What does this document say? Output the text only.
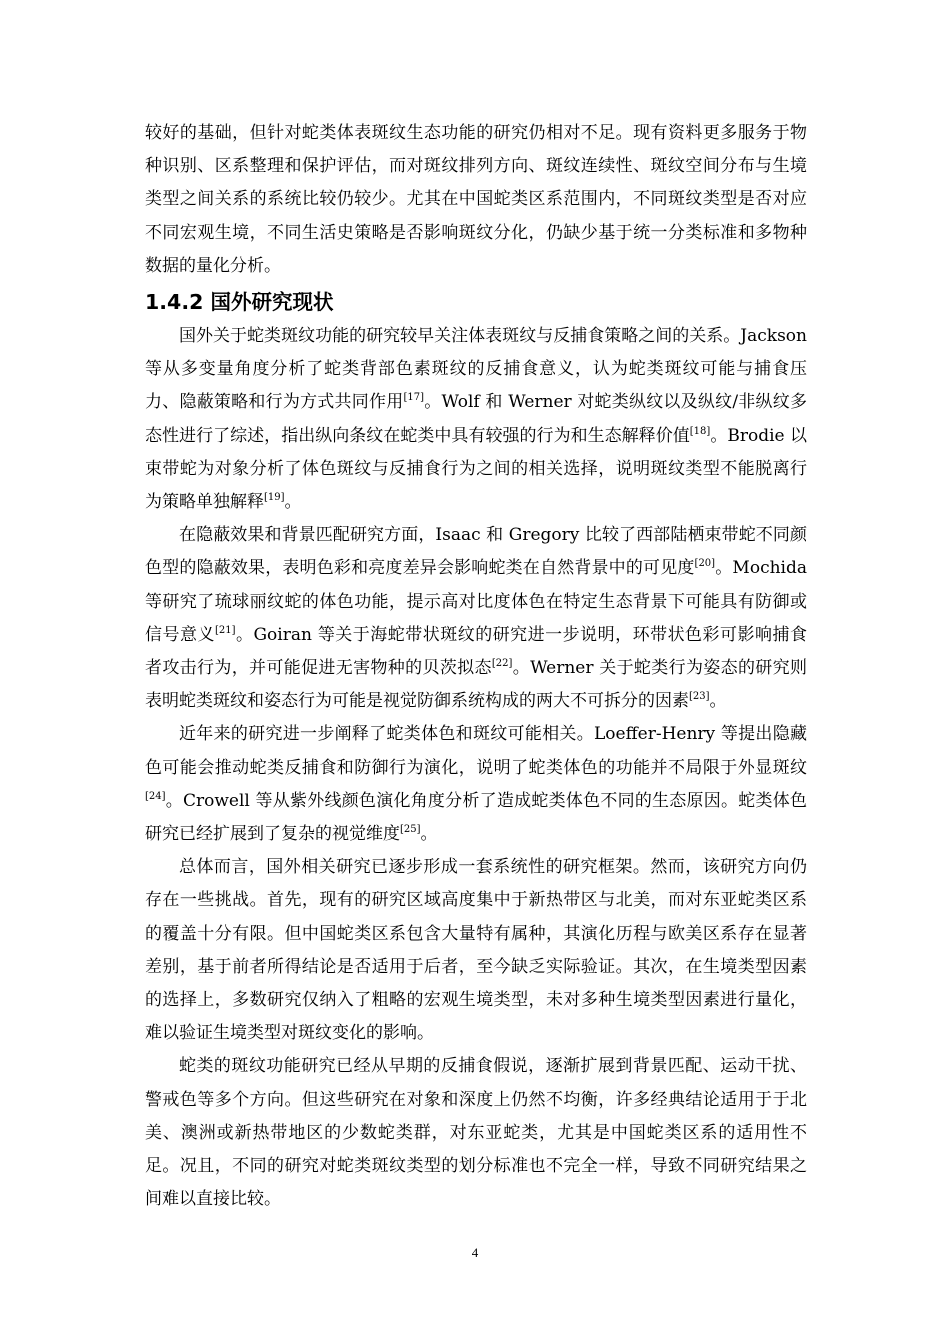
较好的基础，但针对蛇类体表斑纹生态功能的研究仍相对不足。现有资料更多服务于物种识别、区系整理和保护评估，而对斑纹排列方向、斑纹连续性、斑纹空间分布与生境类型之间关系的系统比较仍较少。尤其在中国蛇类区系范围内，不同斑纹类型是否对应不同宏观生境，不同生活史策略是否影响斑纹分化，仍缺少基于统一分类标准和多物种数据的量化分析。

1.4.2 国外研究现状

国外关于蛇类斑纹功能的研究较早关注体表斑纹与反捕食策略之间的关系。Jackson 等从多变量角度分析了蛇类背部色素斑纹的反捕食意义，认为蛇类斑纹可能与捕食压力、隐蔽策略和行为方式共同作用[17]。Wolf 和 Werner 对蛇类纵纹以及纵纹/非纵纹多态性进行了综述，指出纵向条纹在蛇类中具有较强的行为和生态解释价值[18]。Brodie 以束带蛇为对象分析了体色斑纹与反捕食行为之间的相关选择，说明斑纹类型不能脱离行为策略单独解释[19]。

在隐蔽效果和背景匹配研究方面，Isaac 和 Gregory 比较了西部陆栖束带蛇不同颜色型的隐蔽效果，表明色彩和亮度差异会影响蛇类在自然背景中的可见度[20]。Mochida 等研究了琉球丽纹蛇的体色功能，提示高对比度体色在特定生态背景下可能具有防御或信号意义[21]。Goiran 等关于海蛇带状斑纹的研究进一步说明，环带状色彩可影响捕食者攻击行为，并可能促进无害物种的贝茨拟态[22]。Werner 关于蛇类行为姿态的研究则表明蛇类斑纹和姿态行为可能是视觉防御系统构成的两大不可拆分的因素[23]。

近年来的研究进一步阐释了蛇类体色和斑纹可能相关。Loeffer-Henry 等提出隐藏色可能会推动蛇类反捕食和防御行为演化，说明了蛇类体色的功能并不局限于外显斑纹[24]。Crowell 等从紫外线颜色演化角度分析了造成蛇类体色不同的生态原因。蛇类体色研究已经扩展到了复杂的视觉维度[25]。

总体而言，国外相关研究已逐步形成一套系统性的研究框架。然而，该研究方向仍存在一些挑战。首先，现有的研究区域高度集中于新热带区与北美，而对东亚蛇类区系的覆盖十分有限。但中国蛇类区系包含大量特有属种，其演化历程与欧美区系存在显著差别，基于前者所得结论是否适用于后者，至今缺乏实际验证。其次，在生境类型因素的选择上，多数研究仅纳入了粗略的宏观生境类型，未对多种生境类型因素进行量化，难以验证生境类型对斑纹变化的影响。

蛇类的斑纹功能研究已经从早期的反捕食假说，逐渐扩展到背景匹配、运动干扰、警戒色等多个方向。但这些研究在对象和深度上仍然不均衡，许多经典结论适用于于北美、澳洲或新热带地区的少数蛇类群，对东亚蛇类，尤其是中国蛇类区系的适用性不足。况且，不同的研究对蛇类斑纹类型的划分标准也不完全一样，导致不同研究结果之间难以直接比较。

4
